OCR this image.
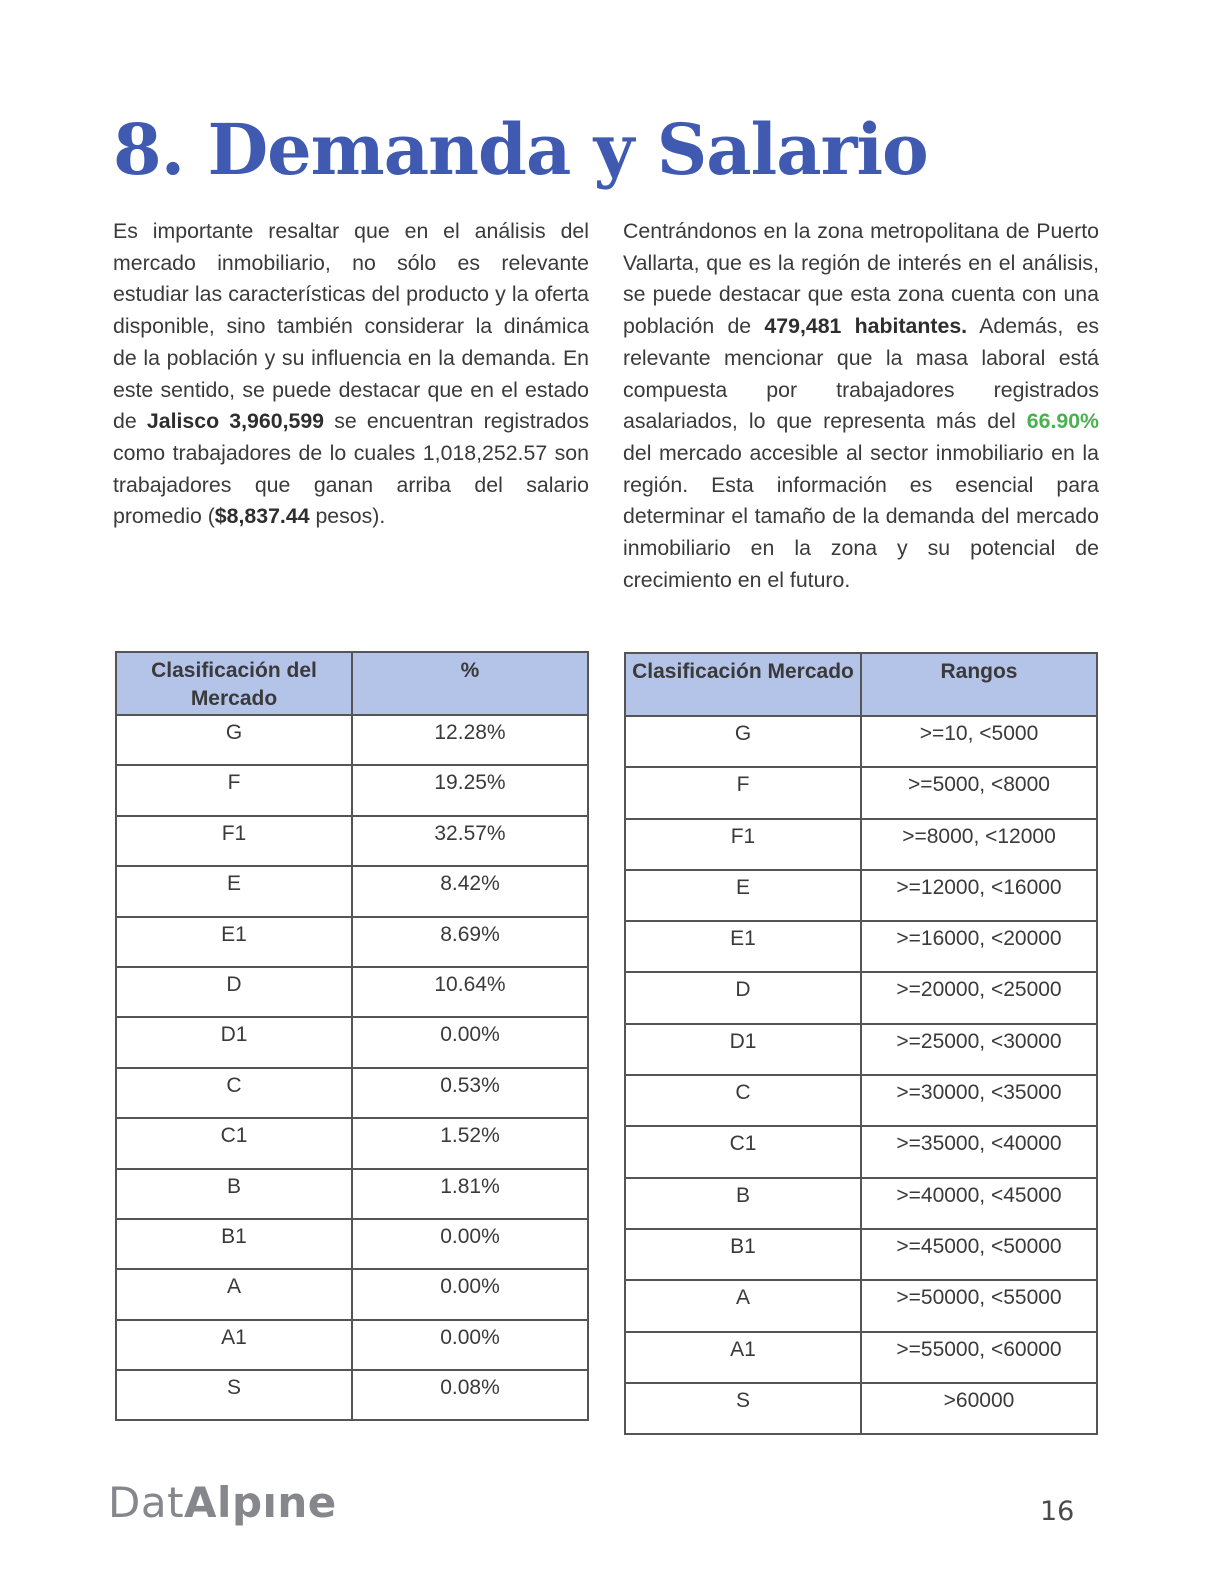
8. Demanda y Salario

Es importante resaltar que en el análisis del mercado inmobiliario, no sólo es relevante estudiar las características del producto y la oferta disponible, sino también considerar la dinámica de la población y su influencia en la demanda. En este sentido, se puede destacar que en el estado de Jalisco 3,960,599 se encuentran registrados como trabajadores de lo cuales 1,018,252.57 son trabajadores que ganan arriba del salario promedio ($8,837.44 pesos).

Centrándonos en la zona metropolitana de Puerto Vallarta, que es la región de interés en el análisis, se puede destacar que esta zona cuenta con una población de 479,481 habitantes. Además, es relevante mencionar que la masa laboral está compuesta por trabajadores registrados asalariados, lo que representa más del 66.90% del mercado accesible al sector inmobiliario en la región. Esta información es esencial para determinar el tamaño de la demanda del mercado inmobiliario en la zona y su potencial de crecimiento en el futuro.

Clasificación del Mercado	%
G	12.28%
F	19.25%
F1	32.57%
E	8.42%
E1	8.69%
D	10.64%
D1	0.00%
C	0.53%
C1	1.52%
B	1.81%
B1	0.00%
A	0.00%
A1	0.00%
S	0.08%
Clasificación Mercado	Rangos
G	>=10, <5000
F	>=5000, <8000
F1	>=8000, <12000
E	>=12000, <16000
E1	>=16000, <20000
D	>=20000, <25000
D1	>=25000, <30000
C	>=30000, <35000
C1	>=35000, <40000
B	>=40000, <45000
B1	>=45000, <50000
A	>=50000, <55000
A1	>=55000, <60000
S	>60000
DatAlpıne	16
